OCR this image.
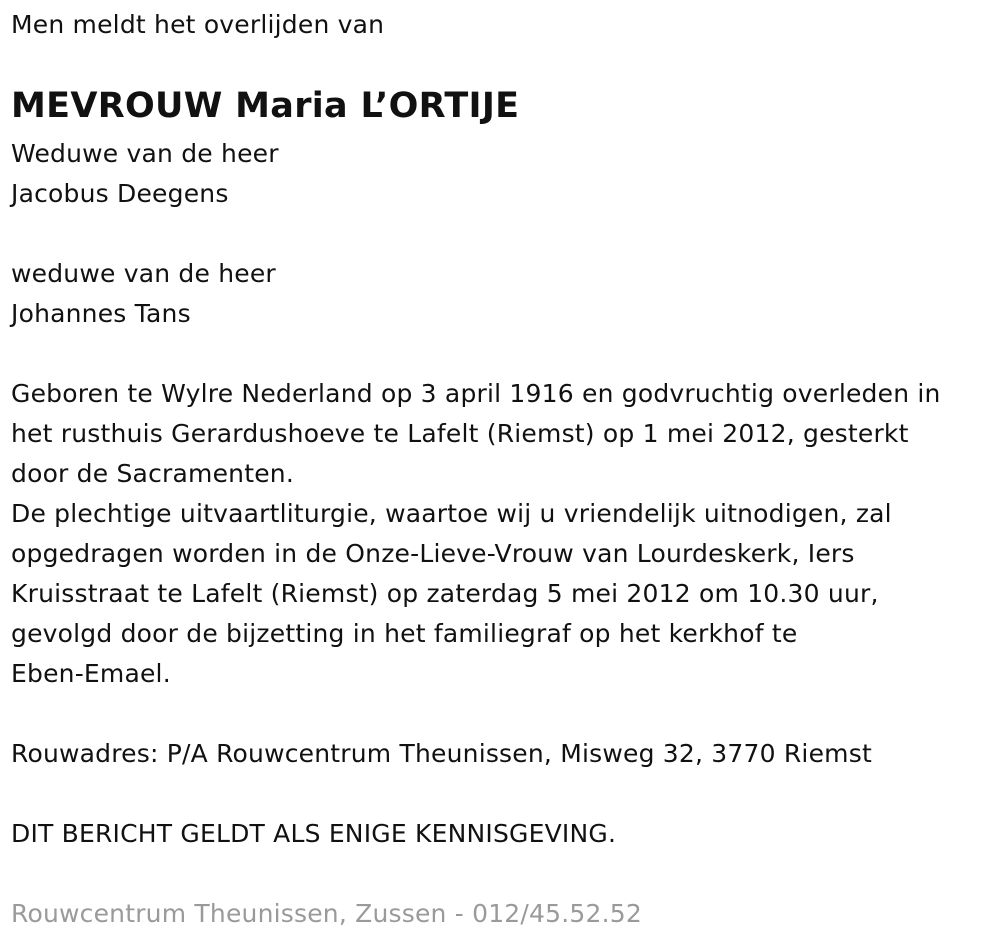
Men meldt het overlijden van
MEVROUW Maria L’ORTIJE
Weduwe van de heer
Jacobus Deegens
weduwe van de heer
Johannes Tans
Geboren te Wylre Nederland op 3 april 1916 en godvruchtig overleden in
het rusthuis Gerardushoeve te Lafelt (Riemst) op 1 mei 2012, gesterkt
door de Sacramenten.
De plechtige uitvaartliturgie, waartoe wij u vriendelijk uitnodigen, zal
opgedragen worden in de Onze-Lieve-Vrouw van Lourdeskerk, Iers
Kruisstraat te Lafelt (Riemst) op zaterdag 5 mei 2012 om 10.30 uur,
gevolgd door de bijzetting in het familiegraf op het kerkhof te
Eben-Emael.
Rouwadres: P/A Rouwcentrum Theunissen, Misweg 32, 3770 Riemst
DIT BERICHT GELDT ALS ENIGE KENNISGEVING.
Rouwcentrum Theunissen, Zussen - 012/45.52.52
